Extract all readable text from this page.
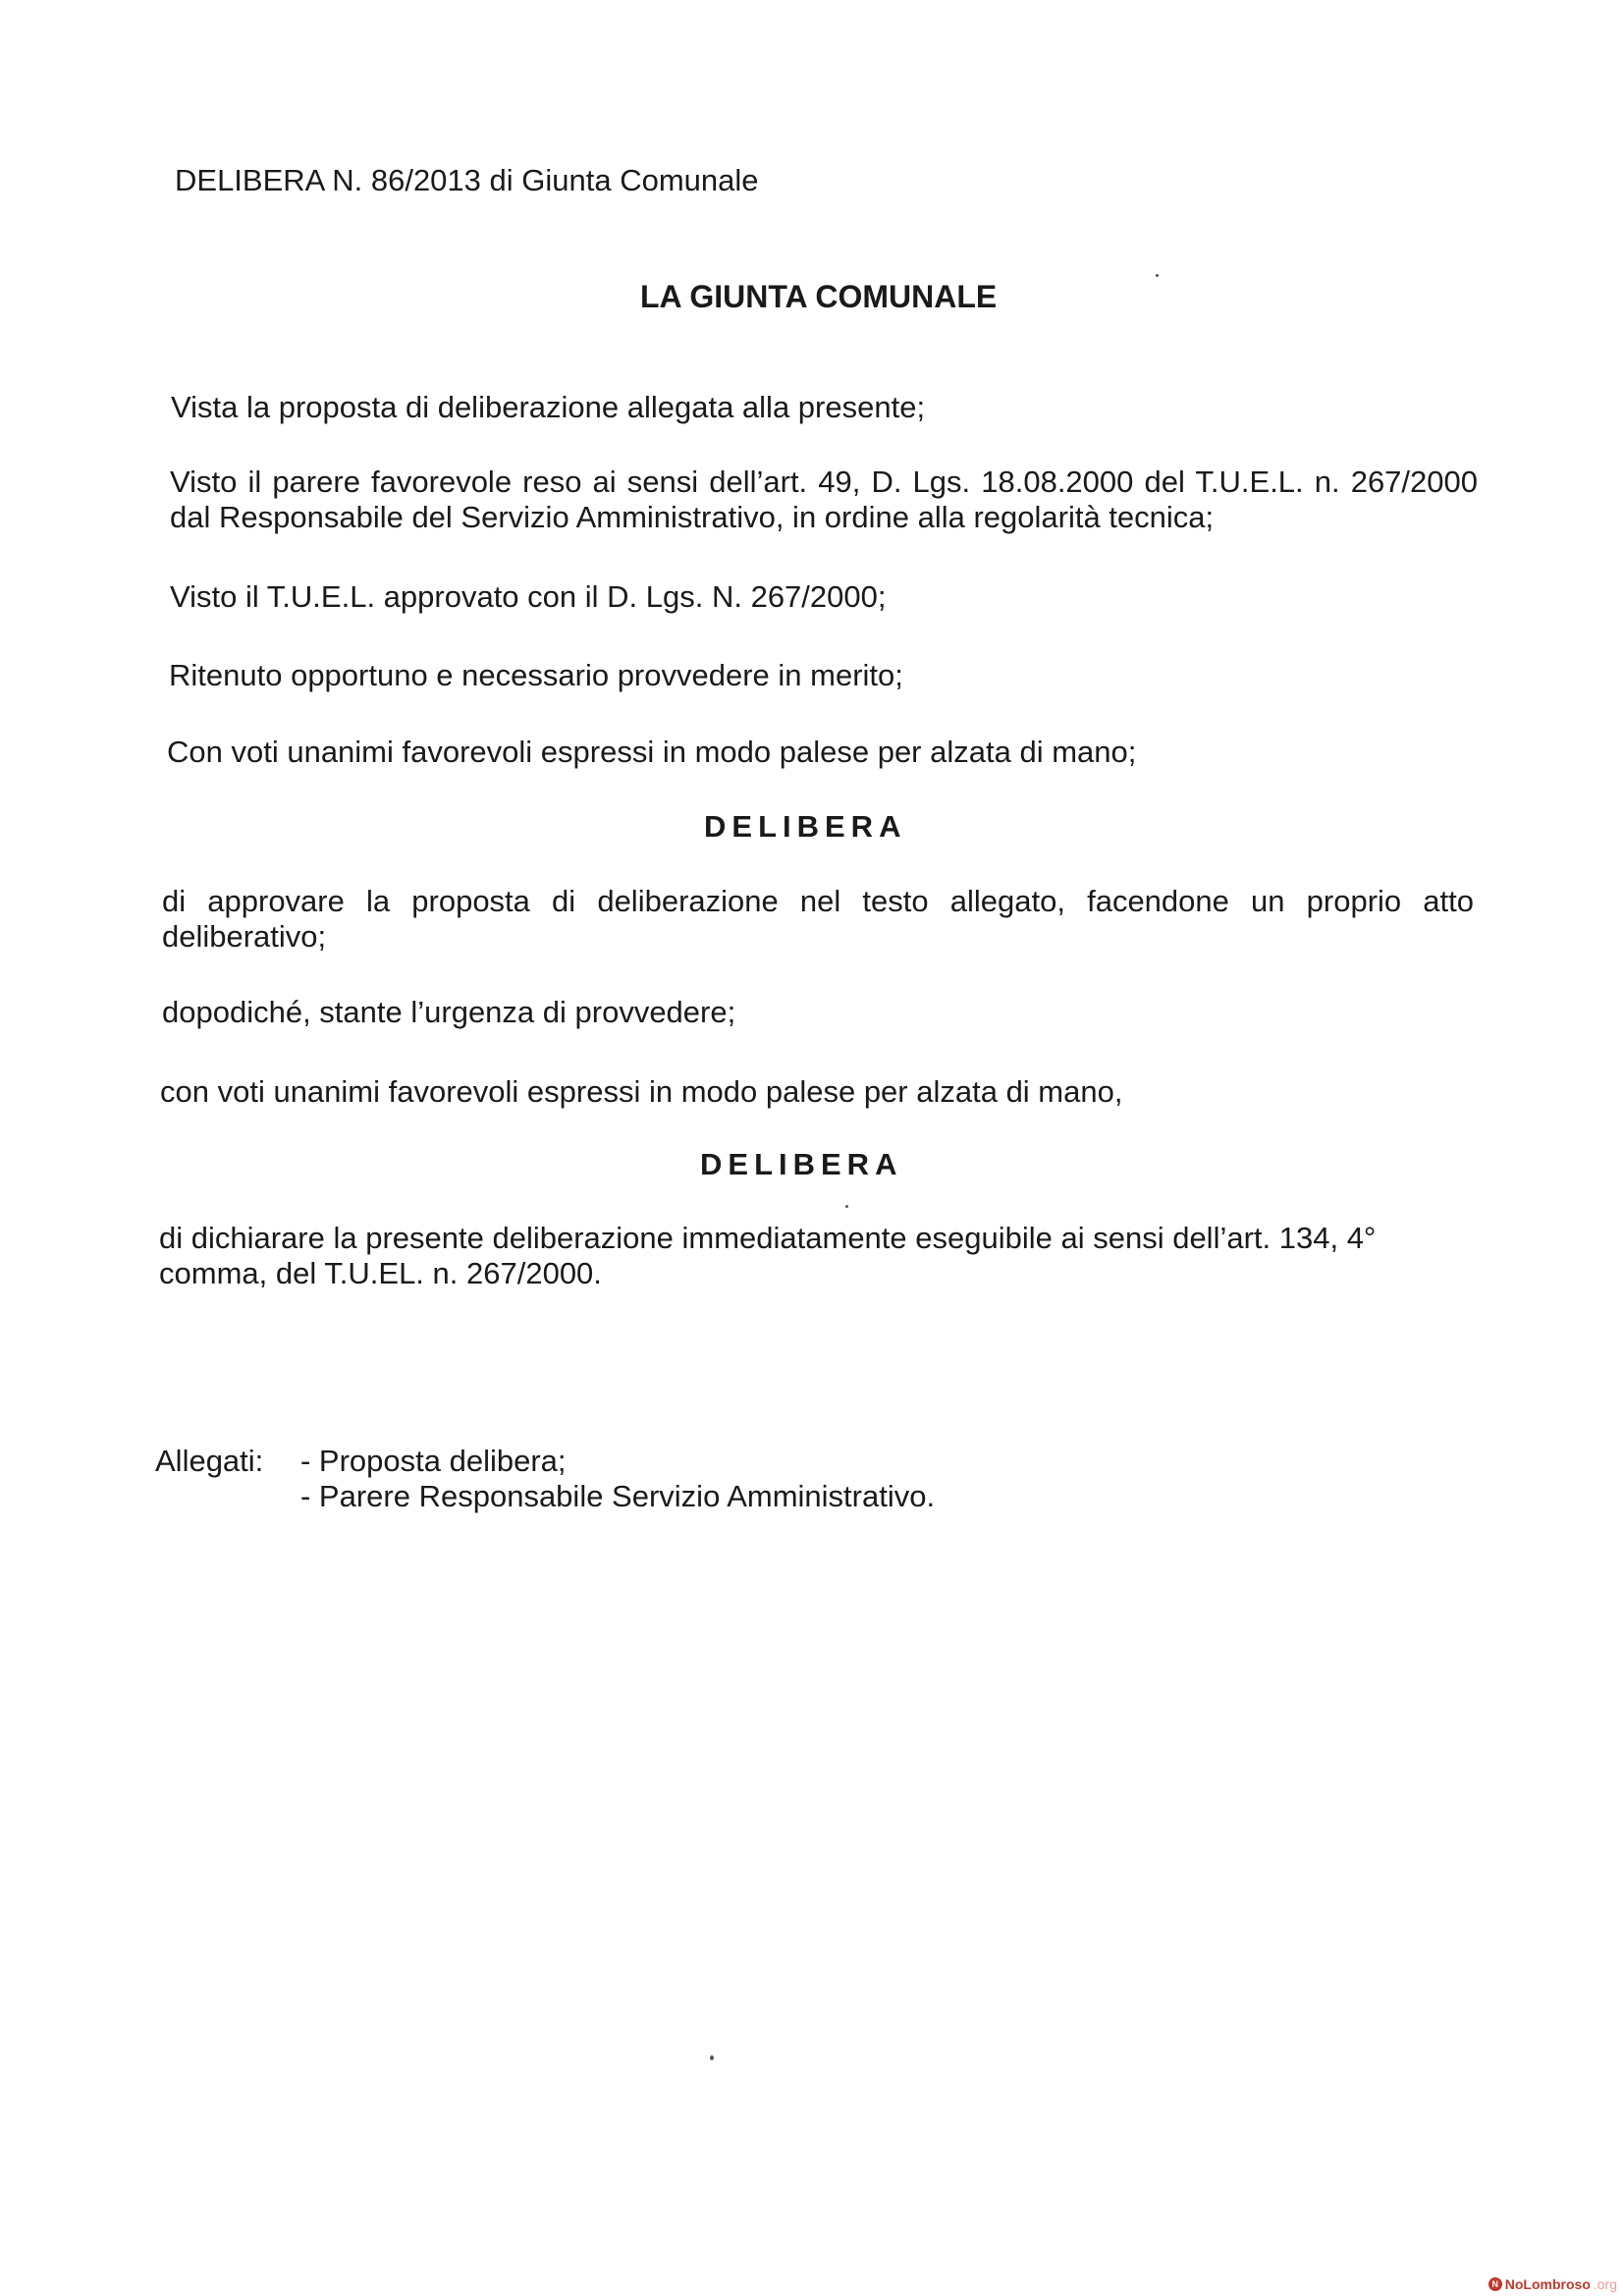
DELIBERA N. 86/2013 di Giunta Comunale
LA GIUNTA COMUNALE
Vista la proposta di deliberazione allegata alla presente;
Visto il parere favorevole reso ai sensi dell’art. 49, D. Lgs. 18.08.2000 del T.U.E.L. n. 267/2000 dal Responsabile del Servizio Amministrativo, in ordine alla regolarità tecnica;
Visto il T.U.E.L. approvato con il D. Lgs. N. 267/2000;
Ritenuto opportuno e necessario provvedere in merito;
Con voti unanimi favorevoli espressi in modo palese per alzata di mano;
DELIBERA
di approvare la proposta di deliberazione nel testo allegato, facendone un proprio atto deliberativo;
dopodiché, stante l’urgenza di provvedere;
con voti unanimi favorevoli espressi in modo palese per alzata di mano,
DELIBERA
di dichiarare la presente deliberazione immediatamente eseguibile ai sensi dell’art. 134, 4° comma, del T.U.EL. n. 267/2000.
Allegati: - Proposta delibera;
- Parere Responsabile Servizio Amministrativo.
N NoLombroso .org
